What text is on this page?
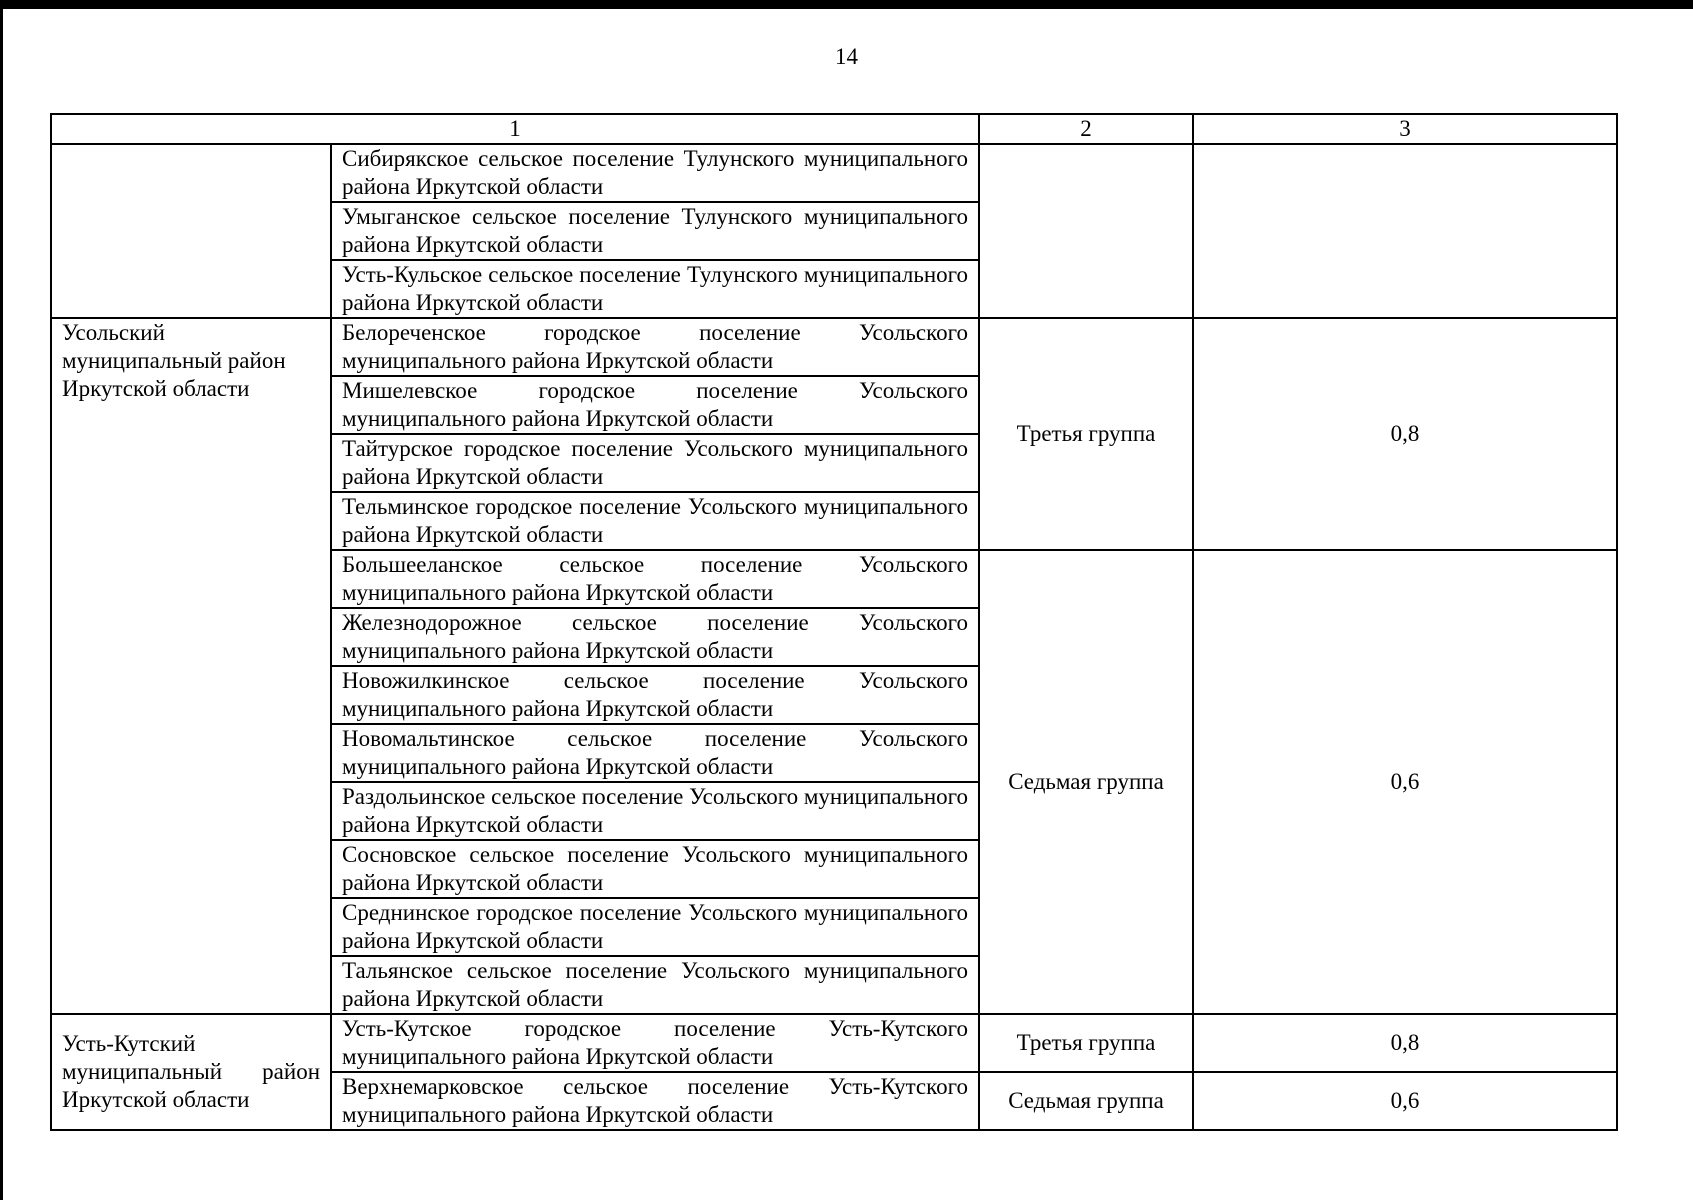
14
1		2	3
	Сибирякское сельское поселение Тулунского муниципального района Иркутской области		
	Умыганское сельское поселение Тулунского муниципального района Иркутской области		
	Усть-Кульское сельское поселение Тулунского муниципального района Иркутской области		
Усольский муниципальный район Иркутской области	Белореченское городское поселение Усольского муниципального района Иркутской области	Третья группа	0,8
	Мишелевское городское поселение Усольского муниципального района Иркутской области		
	Тайтурское городское поселение Усольского муниципального района Иркутской области		
	Тельминское городское поселение Усольского муниципального района Иркутской области		
	Большееланское сельское поселение Усольского муниципального района Иркутской области	Седьмая группа	0,6
	Железнодорожное сельское поселение Усольского муниципального района Иркутской области		
	Новожилкинское сельское поселение Усольского муниципального района Иркутской области		
	Новомальтинское сельское поселение Усольского муниципального района Иркутской области		
	Раздольинское сельское поселение Усольского муниципального района Иркутской области		
	Сосновское сельское поселение Усольского муниципального района Иркутской области		
	Среднинское городское поселение Усольского муниципального района Иркутской области		
	Тальянское сельское поселение Усольского муниципального района Иркутской области		
Усть-Кутский муниципальный район Иркутской области	Усть-Кутское городское поселение Усть-Кутского муниципального района Иркутской области	Третья группа	0,8
	Верхнемарковское сельское поселение Усть-Кутского муниципального района Иркутской области	Седьмая группа	0,6
